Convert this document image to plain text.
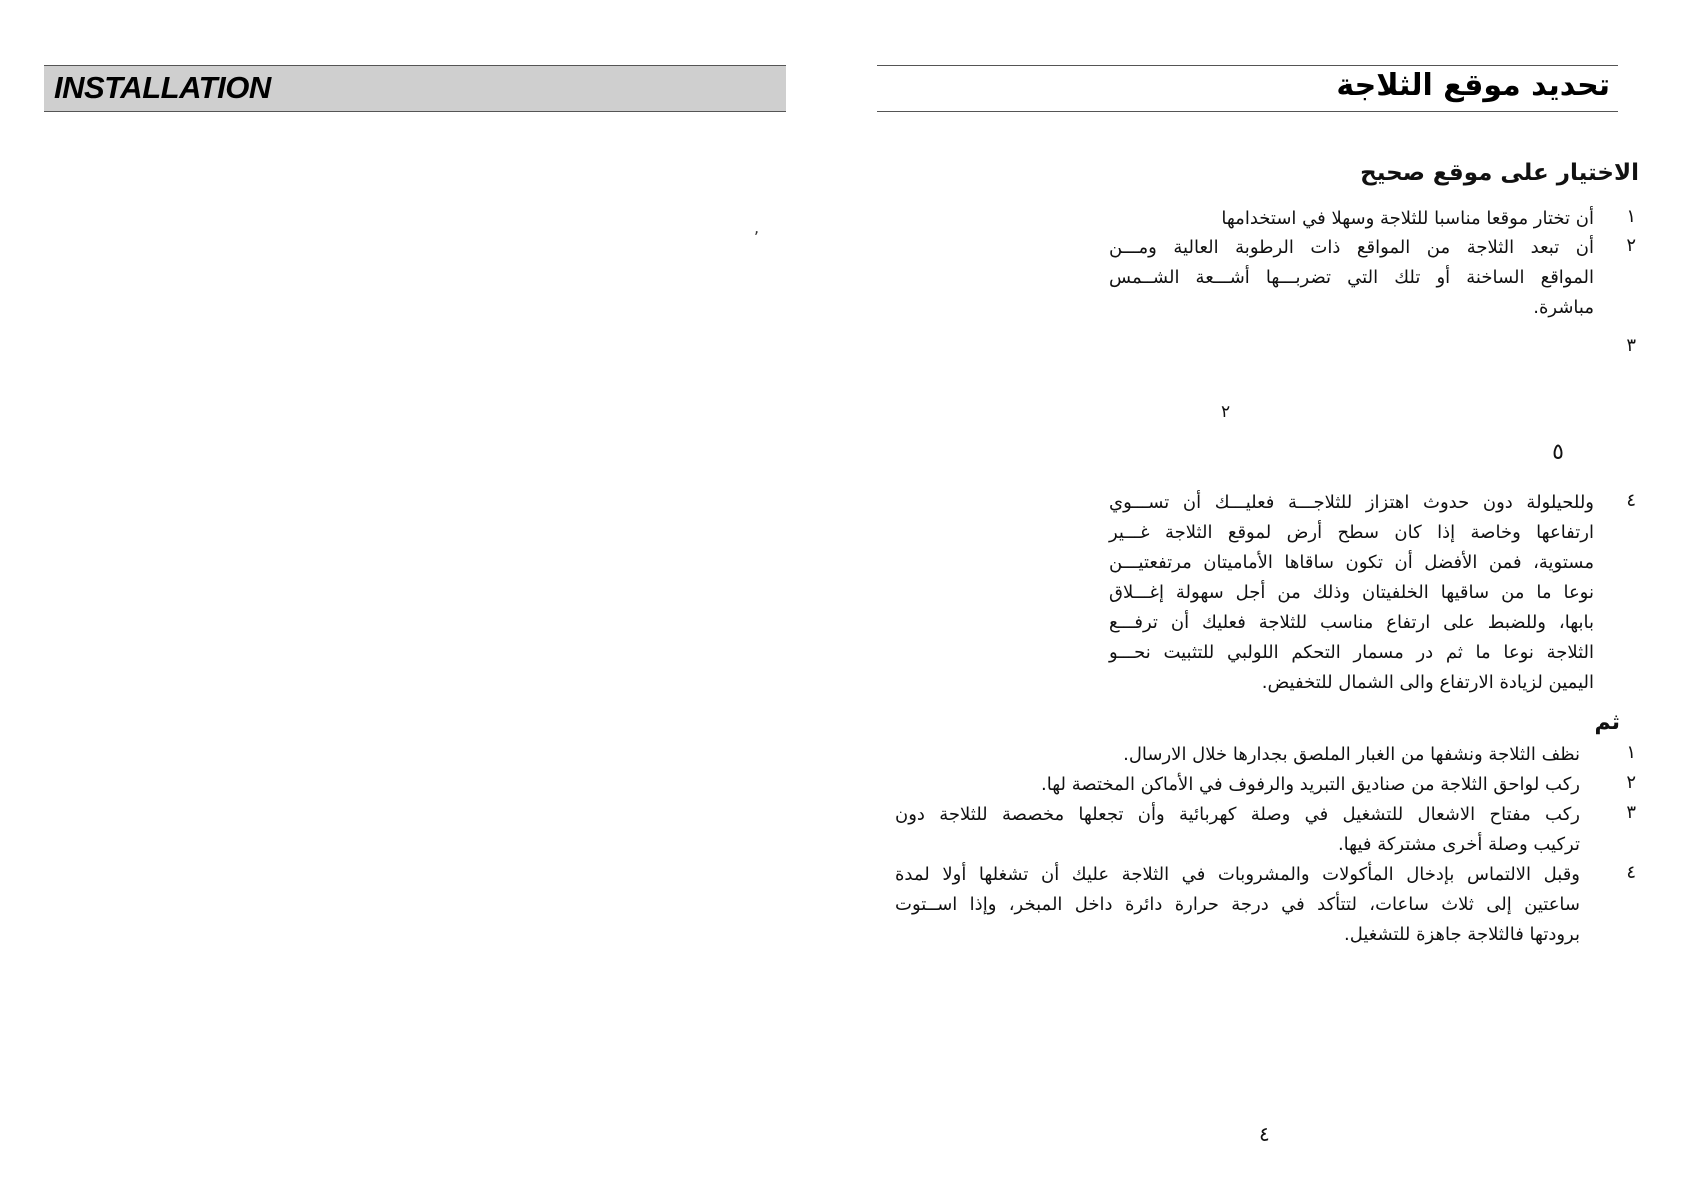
INSTALLATION
,
تحديد موقع الثلاجة
الاختيار على موقع صحيح
١
أن تختار موقعا مناسبا للثلاجة وسهلا في استخدامها
٢
أن تبعد الثلاجة من المواقع ذات الرطوبة العالية ومـــن
المواقع الساخنة أو تلك التي تضربـــها أشـــعة الشــمس
مباشرة.
٣
٢
٥
٤
وللحيلولة دون حدوث اهتزاز للثلاجـــة فعليـــك أن تســـوي
ارتفاعها وخاصة إذا كان سطح أرض لموقع الثلاجة غـــير
مستوية، فمن الأفضل أن تكون ساقاها الأماميتان مرتفعتيـــن
نوعا ما من ساقيها الخلفيتان وذلك من أجل سهولة إغـــلاق
بابها، وللضبط على ارتفاع مناسب للثلاجة فعليك أن ترفـــع
الثلاجة نوعا ما ثم در مسمار التحكم اللولبي للتثبيت نحـــو
اليمين لزيادة الارتفاع والى الشمال للتخفيض.
ثم
١
نظف الثلاجة ونشفها من الغبار الملصق بجدارها خلال الارسال.
٢
ركب لواحق الثلاجة من صناديق التبريد والرفوف في الأماكن المختصة لها.
٣
ركب مفتاح الاشعال للتشغيل في وصلة كهربائية وأن تجعلها مخصصة للثلاجة دون
تركيب وصلة أخرى مشتركة فيها.
٤
وقبل الالتماس بإدخال المأكولات والمشروبات في الثلاجة عليك أن تشغلها أولا لمدة
ساعتين إلى ثلاث ساعات، لتتأكد في درجة حرارة دائرة داخل المبخر، وإذا اســتوت
برودتها فالثلاجة جاهزة للتشغيل.
٤
